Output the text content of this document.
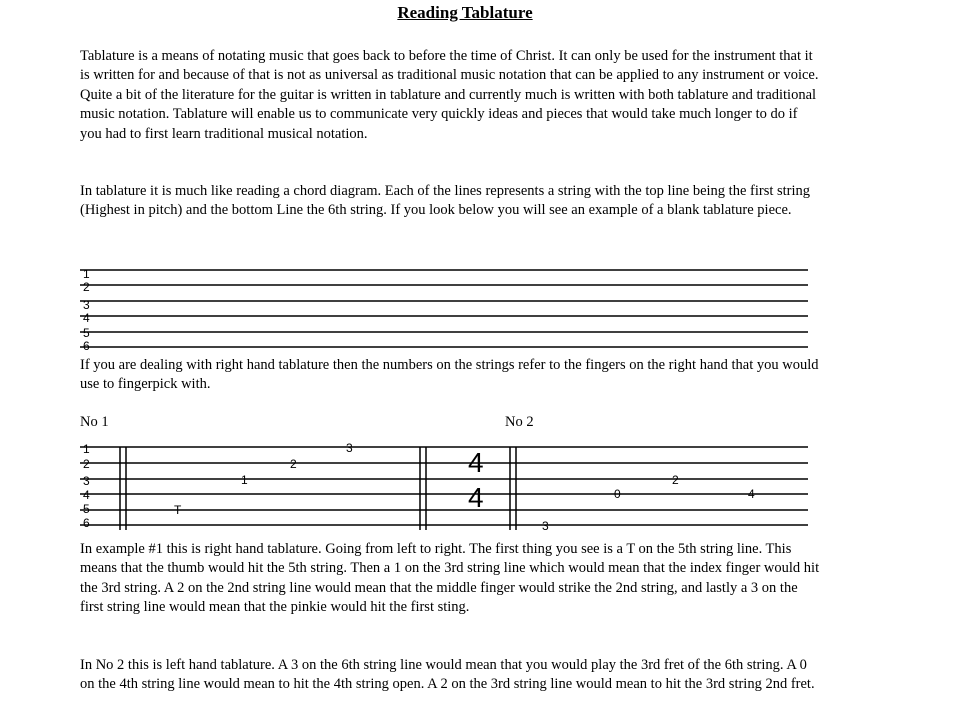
Reading Tablature

Tablature is a means of notating music that goes back to before the time of Christ. It can only be used for the instrument that it is written for and because of that is not as universal as traditional music notation that can be applied to any instrument or voice. Quite a bit of the literature for the guitar is written in tablature and currently much is written with both tablature and traditional music notation. Tablature will enable us to communicate very quickly ideas and pieces that would take much longer to do if you had to first learn traditional musical notation.

In tablature it is much like reading a chord diagram. Each of the lines represents a string with the top line being the first string (Highest in pitch) and the bottom Line the 6th string. If you look below you will see an example of a blank tablature piece.

If you are dealing with right hand tablature then the numbers on the strings refer to the fingers on the right hand that you would use to fingerpick with.

In example #1 this is right hand tablature. Going from left to right. The first thing you see is a T on the 5th string line. This means that the thumb would hit the 5th string. Then a 1 on the 3rd string line which would mean that the index finger would hit the 3rd string. A 2 on the 2nd string line would mean that the middle finger would strike the 2nd string, and lastly a 3 on the first string line would mean that the pinkie would hit the first sting.

In No 2 this is left hand tablature. A 3 on the 6th string line would mean that you would play the 3rd fret of the 6th string. A 0 on the 4th string line would mean to hit the 4th string open. A 2 on the 3rd string line would mean to hit the 3rd string 2nd fret.

No 1	No 2
1
2
3
4
5
6
1
2
3
4
5
6
4
4
T
1
2
3
3
0
2
4
